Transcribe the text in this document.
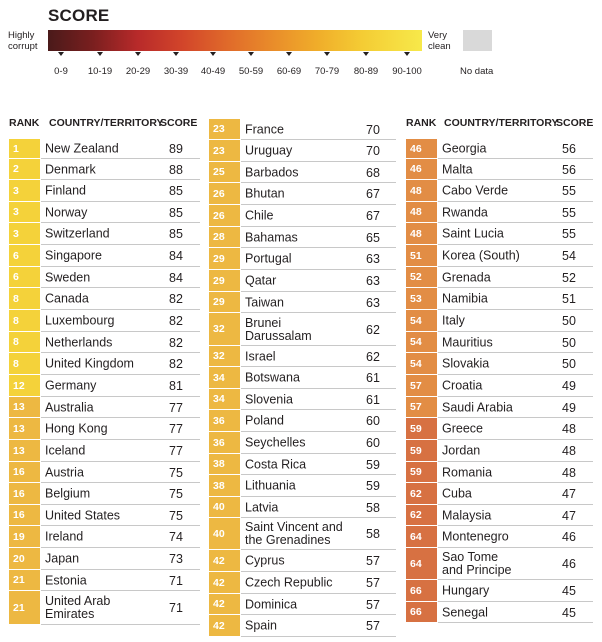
SCORE
Highly
corrupt
Very
clean
No data
0-9 10-19 20-29 30-39 40-49 50-59 60-69 70-79 80-89 90-100
RANK COUNTRY/TERRITORY
SCORE
1 New Zealand	89
2 Denmark	88
3 Finland	85
3 Norway	85
3 Switzerland	85
6 Singapore	84
6 Sweden	84
8 Canada	82
8 Luxembourg	82
8 Netherlands	82
8 United Kingdom	82
12 Germany	81
13 Australia	77
13 Hong Kong	77
13 Iceland	77
16 Austria	75
16 Belgium	75
16 United States	75
19 Ireland	74
20 Japan	73
21 Estonia	71
21 United Arab
Emirates	71
23 France	70
23 Uruguay	70
25 Barbados	68
26 Bhutan	67
26 Chile	67
28 Bahamas	65
29 Portugal	63
29 Qatar	63
29 Taiwan	63
32 Brunei
Darussalam	62
32 Israel	62
34 Botswana	61
34 Slovenia	61
36 Poland	60
36 Seychelles	60
38 Costa Rica	59
38 Lithuania	59
40 Latvia	58
40 Saint Vincent and
the Grenadines	58
42 Cyprus	57
42 Czech Republic	57
42 Dominica	57
42 Spain	57
RANK COUNTRY/TERRITORY
SCORE
46 Georgia	56
46 Malta	56
48 Cabo Verde	55
48 Rwanda	55
48 Saint Lucia	55
51 Korea (South)	54
52 Grenada	52
53 Namibia	51
54 Italy	50
54 Mauritius	50
54 Slovakia	50
57 Croatia	49
57 Saudi Arabia	49
59 Greece	48
59 Jordan	48
59 Romania	48
62 Cuba	47
62 Malaysia	47
64 Montenegro	46
64 Sao Tome
and Principe	46
66 Hungary	45
66 Senegal	45
